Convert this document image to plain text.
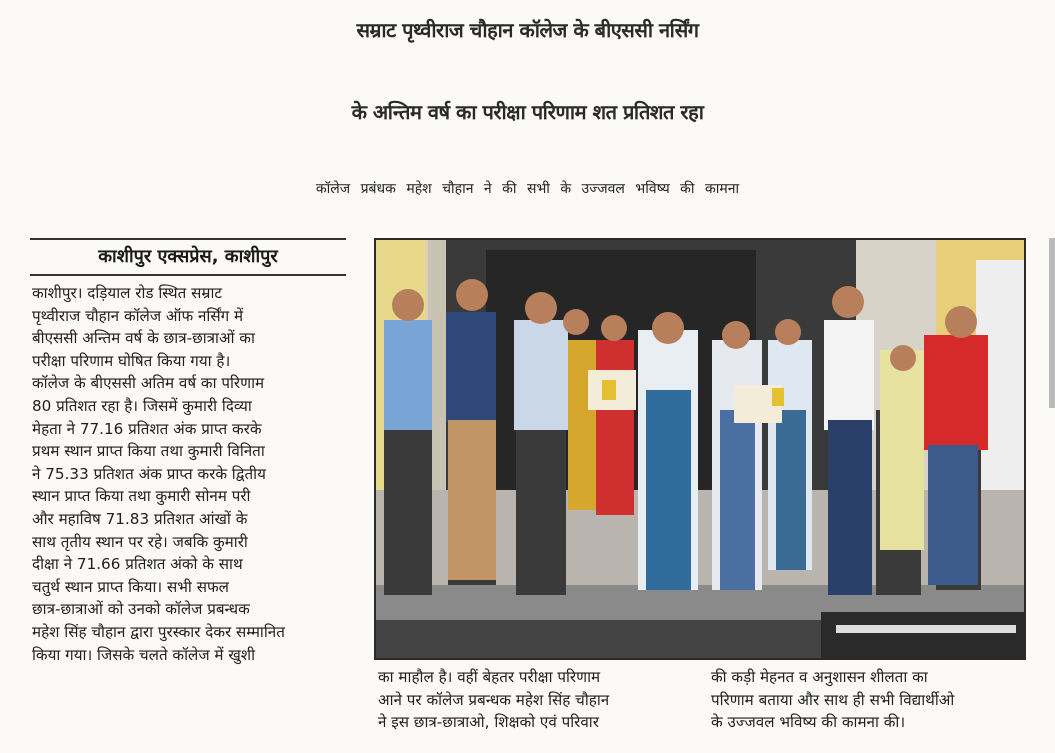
सम्राट पृथ्वीराज चौहान कॉलेज के बीएससी नर्सिंग
के अन्तिम वर्ष का परीक्षा परिणाम शत प्रतिशत रहा
कॉलेज प्रबंधक महेश चौहान ने की सभी के उज्जवल भविष्य की कामना
काशीपुर एक्सप्रेस, काशीपुर
काशीपुर। दड़ियाल रोड स्थित सम्राट
पृथ्वीराज चौहान कॉलेज ऑफ नर्सिंग में
बीएससी अन्तिम वर्ष के छात्र-छात्राओं का
परीक्षा परिणाम घोषित किया गया है।
कॉलेज के बीएससी अतिम वर्ष का परिणाम
80 प्रतिशत रहा है। जिसमें कुमारी दिव्या
मेहता ने 77.16 प्रतिशत अंक प्राप्त करके
प्रथम स्थान प्राप्त किया तथा कुमारी विनिता
ने 75.33 प्रतिशत अंक प्राप्त करके द्वितीय
स्थान प्राप्त किया तथा कुमारी सोनम परी
और महाविष 71.83 प्रतिशत आंखों के
साथ तृतीय स्थान पर रहे। जबकि कुमारी
दीक्षा ने 71.66 प्रतिशत अंको के साथ
चतुर्थ स्थान प्राप्त किया। सभी सफल
छात्र-छात्राओं को उनको कॉलेज प्रबन्धक
महेश सिंह चौहान द्वारा पुरस्कार देकर सम्मानित
किया गया। जिसके चलते कॉलेज में खुशी
का माहौल है। वहीं बेहतर परीक्षा परिणाम
आने पर कॉलेज प्रबन्धक महेश सिंह चौहान
ने इस छात्र-छात्राओ, शिक्षको एवं परिवार
की कड़ी मेहनत व अनुशासन शीलता का
परिणाम बताया और साथ ही सभी विद्यार्थीओ
के उज्जवल भविष्य की कामना की।
